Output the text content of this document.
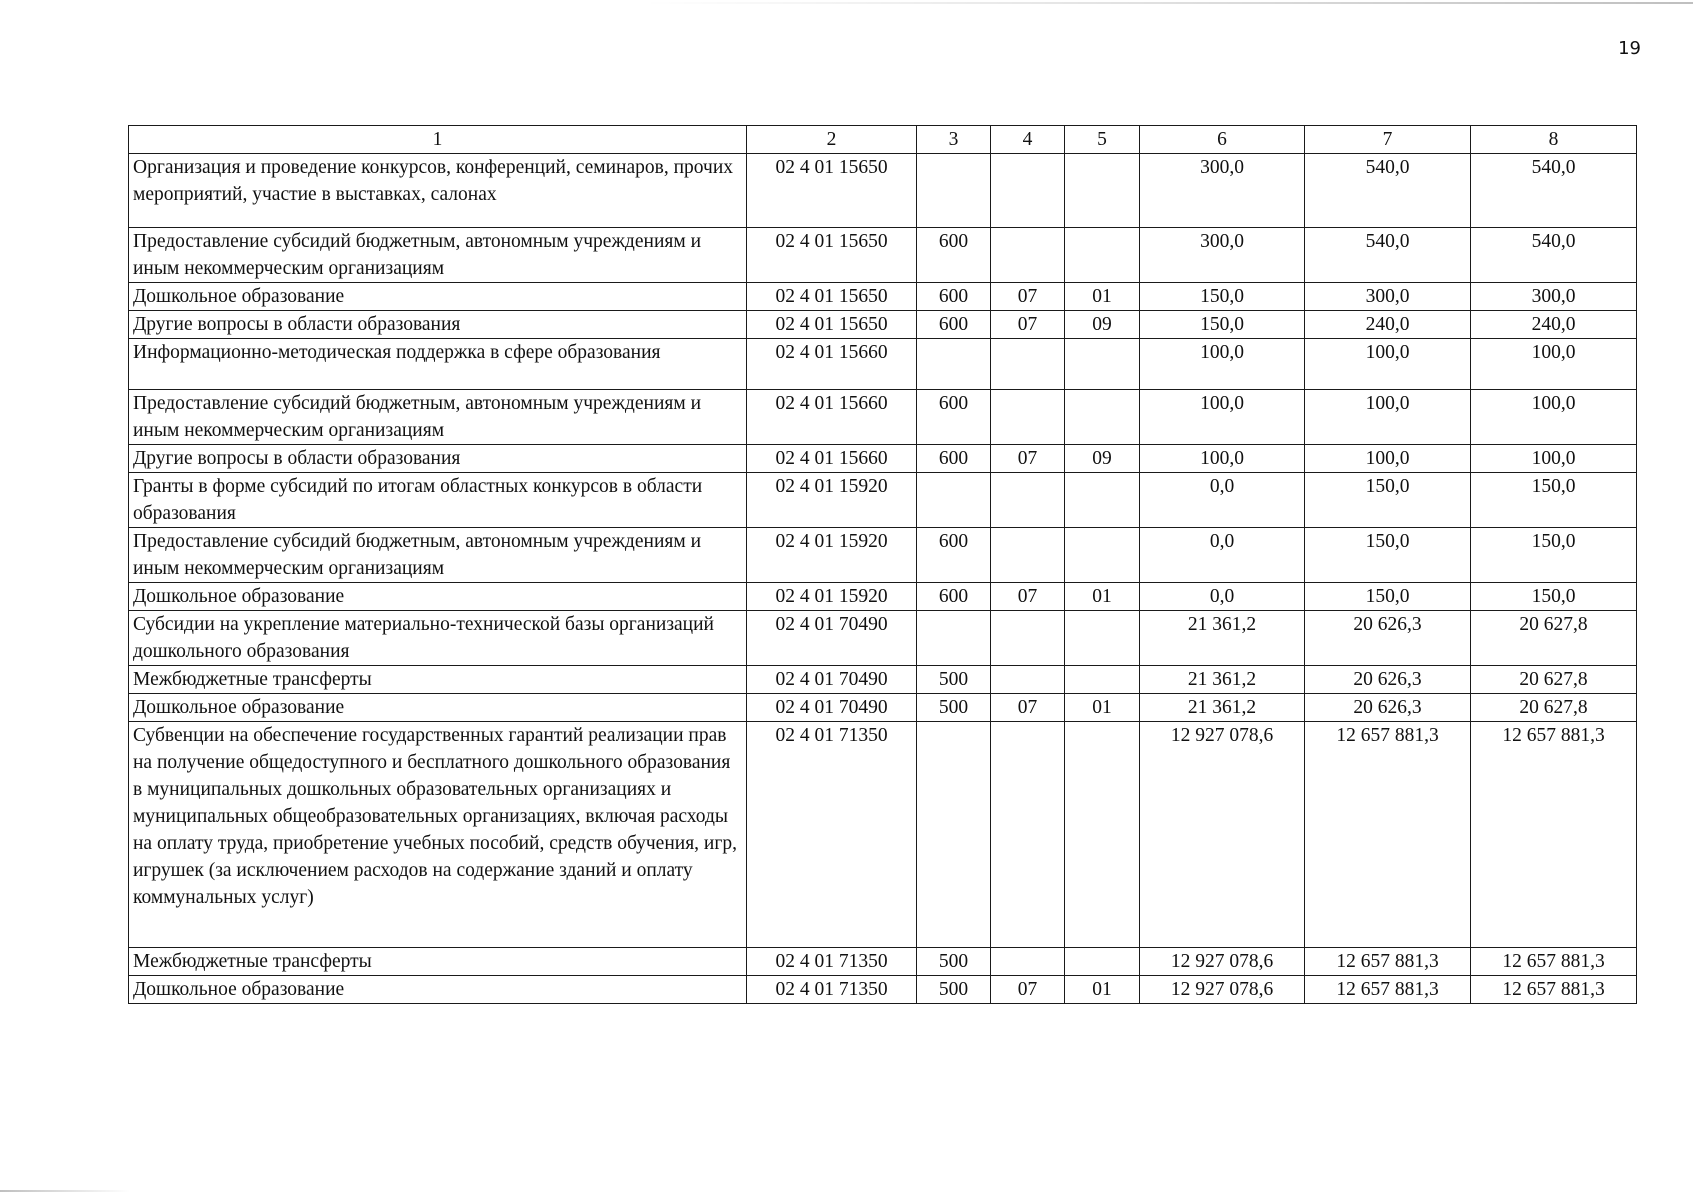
19
1	2	3	4	5	6	7	8
Организация и проведение конкурсов, конференций, семинаров, прочих мероприятий, участие в выставках, салонах	02 4 01 15650				300,0	540,0	540,0
Предоставление субсидий бюджетным, автономным учреждениям и иным некоммерческим организациям	02 4 01 15650	600			300,0	540,0	540,0
Дошкольное образование	02 4 01 15650	600	07	01	150,0	300,0	300,0
Другие вопросы в области образования	02 4 01 15650	600	07	09	150,0	240,0	240,0
Информационно-методическая поддержка в сфере образования	02 4 01 15660				100,0	100,0	100,0
Предоставление субсидий бюджетным, автономным учреждениям и иным некоммерческим организациям	02 4 01 15660	600			100,0	100,0	100,0
Другие вопросы в области образования	02 4 01 15660	600	07	09	100,0	100,0	100,0
Гранты в форме субсидий по итогам областных конкурсов в области образования	02 4 01 15920				0,0	150,0	150,0
Предоставление субсидий бюджетным, автономным учреждениям и иным некоммерческим организациям	02 4 01 15920	600			0,0	150,0	150,0
Дошкольное образование	02 4 01 15920	600	07	01	0,0	150,0	150,0
Субсидии на укрепление материально-технической базы организаций дошкольного образования	02 4 01 70490				21 361,2	20 626,3	20 627,8
Межбюджетные трансферты	02 4 01 70490	500			21 361,2	20 626,3	20 627,8
Дошкольное образование	02 4 01 70490	500	07	01	21 361,2	20 626,3	20 627,8
Субвенции на обеспечение государственных гарантий реализации прав на получение общедоступного и бесплатного дошкольного образования в муниципальных дошкольных образовательных организациях и муниципальных общеобразовательных организациях, включая расходы на оплату труда, приобретение учебных пособий, средств обучения, игр, игрушек (за исключением расходов на содержание зданий и оплату коммунальных услуг)	02 4 01 71350				12 927 078,6	12 657 881,3	12 657 881,3
Межбюджетные трансферты	02 4 01 71350	500			12 927 078,6	12 657 881,3	12 657 881,3
Дошкольное образование	02 4 01 71350	500	07	01	12 927 078,6	12 657 881,3	12 657 881,3
